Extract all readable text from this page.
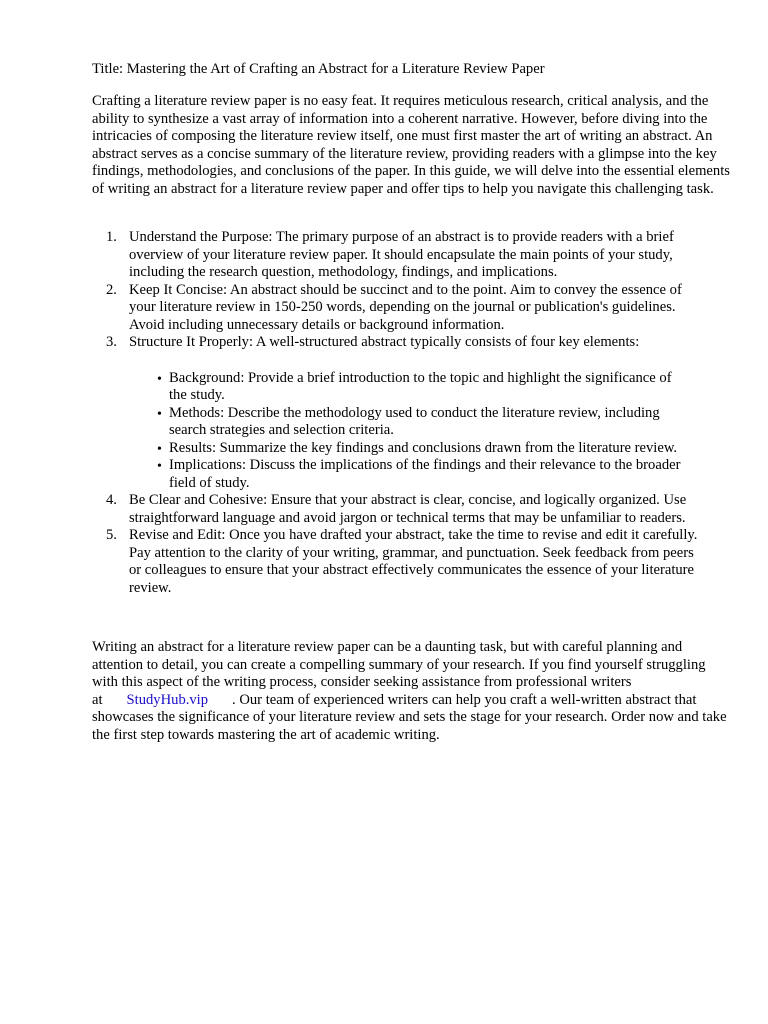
Title: Mastering the Art of Crafting an Abstract for a Literature Review Paper

Crafting a literature review paper is no easy feat. It requires meticulous research, critical analysis, and the ability to synthesize a vast array of information into a coherent narrative. However, before diving into the intricacies of composing the literature review itself, one must first master the art of writing an abstract. An abstract serves as a concise summary of the literature review, providing readers with a glimpse into the key findings, methodologies, and conclusions of the paper. In this guide, we will delve into the essential elements of writing an abstract for a literature review paper and offer tips to help you navigate this challenging task.

1. Understand the Purpose: The primary purpose of an abstract is to provide readers with a brief overview of your literature review paper. It should encapsulate the main points of your study, including the research question, methodology, findings, and implications.
2. Keep It Concise: An abstract should be succinct and to the point. Aim to convey the essence of your literature review in 150-250 words, depending on the journal or publication's guidelines. Avoid including unnecessary details or background information.
3. Structure It Properly: A well-structured abstract typically consists of four key elements:
• Background: Provide a brief introduction to the topic and highlight the significance of the study.
• Methods: Describe the methodology used to conduct the literature review, including search strategies and selection criteria.
• Results: Summarize the key findings and conclusions drawn from the literature review.
• Implications: Discuss the implications of the findings and their relevance to the broader field of study.
4. Be Clear and Cohesive: Ensure that your abstract is clear, concise, and logically organized. Use straightforward language and avoid jargon or technical terms that may be unfamiliar to readers.
5. Revise and Edit: Once you have drafted your abstract, take the time to revise and edit it carefully. Pay attention to the clarity of your writing, grammar, and punctuation. Seek feedback from peers or colleagues to ensure that your abstract effectively communicates the essence of your literature review.

Writing an abstract for a literature review paper can be a daunting task, but with careful planning and attention to detail, you can create a compelling summary of your research. If you find yourself struggling with this aspect of the writing process, consider seeking assistance from professional writers at StudyHub.vip . Our team of experienced writers can help you craft a well-written abstract that showcases the significance of your literature review and sets the stage for your research. Order now and take the first step towards mastering the art of academic writing.
